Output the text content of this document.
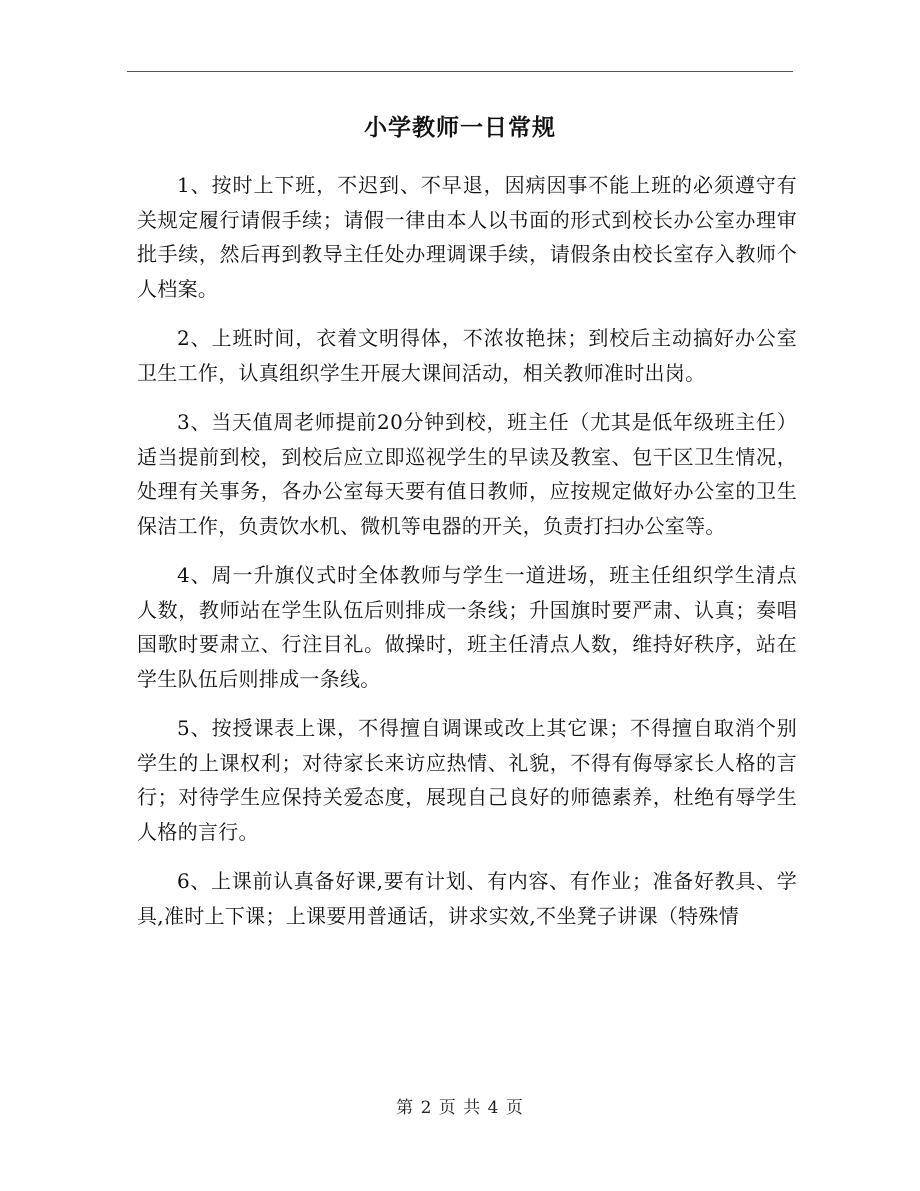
小学教师一日常规

1、按时上下班，不迟到、不早退，因病因事不能上班的必须遵守有关规定履行请假手续；请假一律由本人以书面的形式到校长办公室办理审批手续，然后再到教导主任处办理调课手续，请假条由校长室存入教师个人档案。

2、上班时间，衣着文明得体，不浓妆艳抹；到校后主动搞好办公室卫生工作，认真组织学生开展大课间活动，相关教师准时出岗。

3、当天值周老师提前20分钟到校，班主任（尤其是低年级班主任）适当提前到校，到校后应立即巡视学生的早读及教室、包干区卫生情况，处理有关事务，各办公室每天要有值日教师，应按规定做好办公室的卫生保洁工作，负责饮水机、微机等电器的开关，负责打扫办公室等。

4、周一升旗仪式时全体教师与学生一道进场，班主任组织学生清点人数，教师站在学生队伍后则排成一条线；升国旗时要严肃、认真；奏唱国歌时要肃立、行注目礼。做操时，班主任清点人数，维持好秩序，站在学生队伍后则排成一条线。

5、按授课表上课，不得擅自调课或改上其它课；不得擅自取消个别学生的上课权利；对待家长来访应热情、礼貌，不得有侮辱家长人格的言行；对待学生应保持关爱态度，展现自己良好的师德素养，杜绝有辱学生人格的言行。

6、上课前认真备好课,要有计划、有内容、有作业；准备好教具、学具,准时上下课；上课要用普通话，讲求实效,不坐凳子讲课（特殊情

第 2 页 共 4 页
